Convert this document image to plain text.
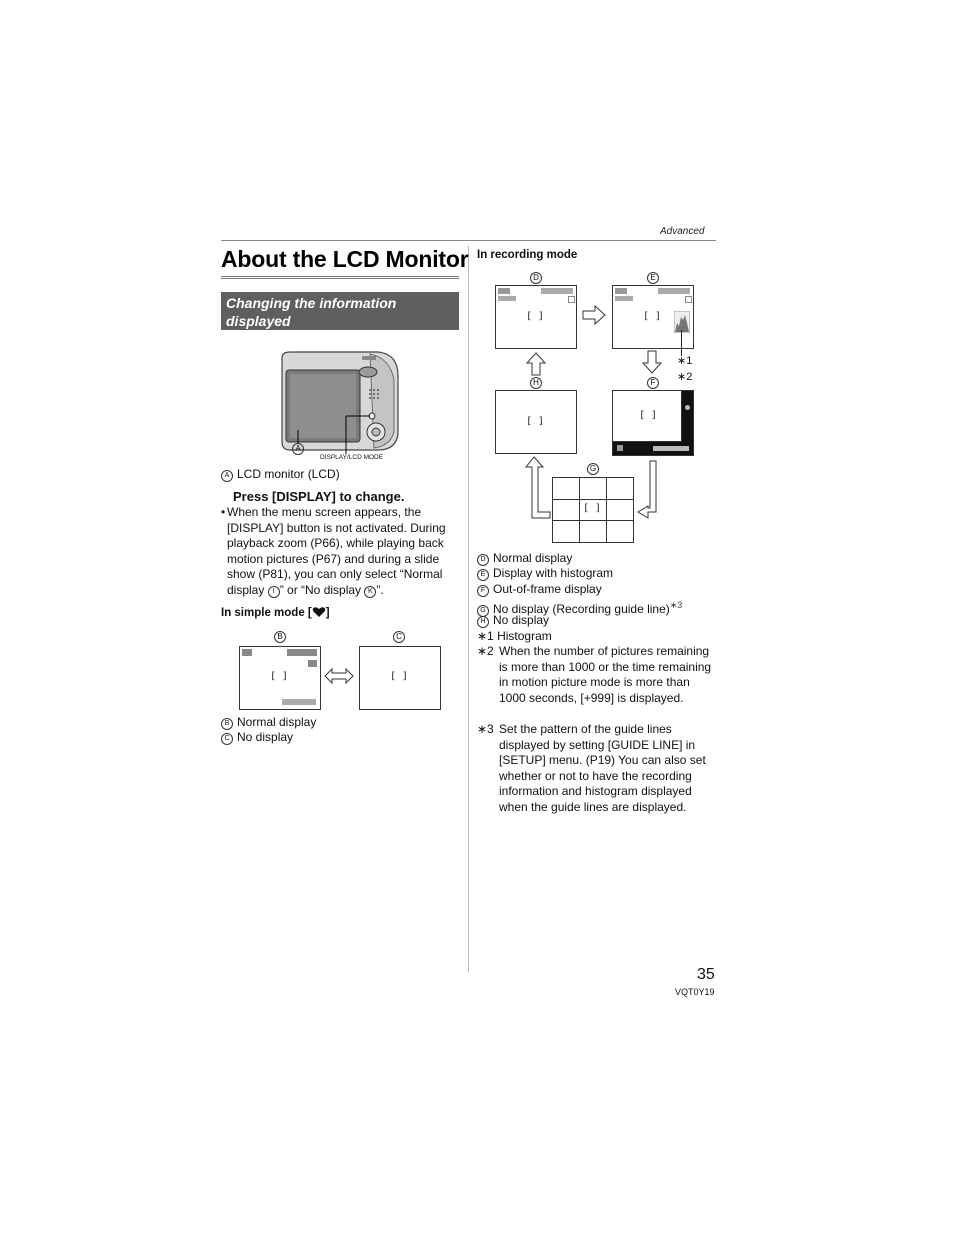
Advanced
About the LCD Monitor
Changing the information displayed
A
DISPLAY/LCD MODE
A LCD monitor (LCD)
Press [DISPLAY] to change.
• When the menu screen appears, the [DISPLAY] button is not activated. During playback zoom (P66), while playing back motion pictures (P67) and during a slide show (P81), you can only select “Normal display I ” or “No display K ”.
In simple mode [ ]
B	C
[]	[]
B Normal display
C No display
In recording mode
D	E
[]	[]
∗1
∗2
H	F
[]
[]
G
[]
D Normal display
E Display with histogram
F Out-of-frame display
G No display (Recording guide line)$^{∗3}$
H No display
∗1 Histogram
∗2 When the number of pictures remaining is more than 1000 or the time remaining in motion picture mode is more than 1000 seconds, [+999] is displayed.
∗3 Set the pattern of the guide lines displayed by setting [GUIDE LINE] in [SETUP] menu. (P19) You can also set whether or not to have the recording information and histogram displayed when the guide lines are displayed.
35
VQT0Y19
